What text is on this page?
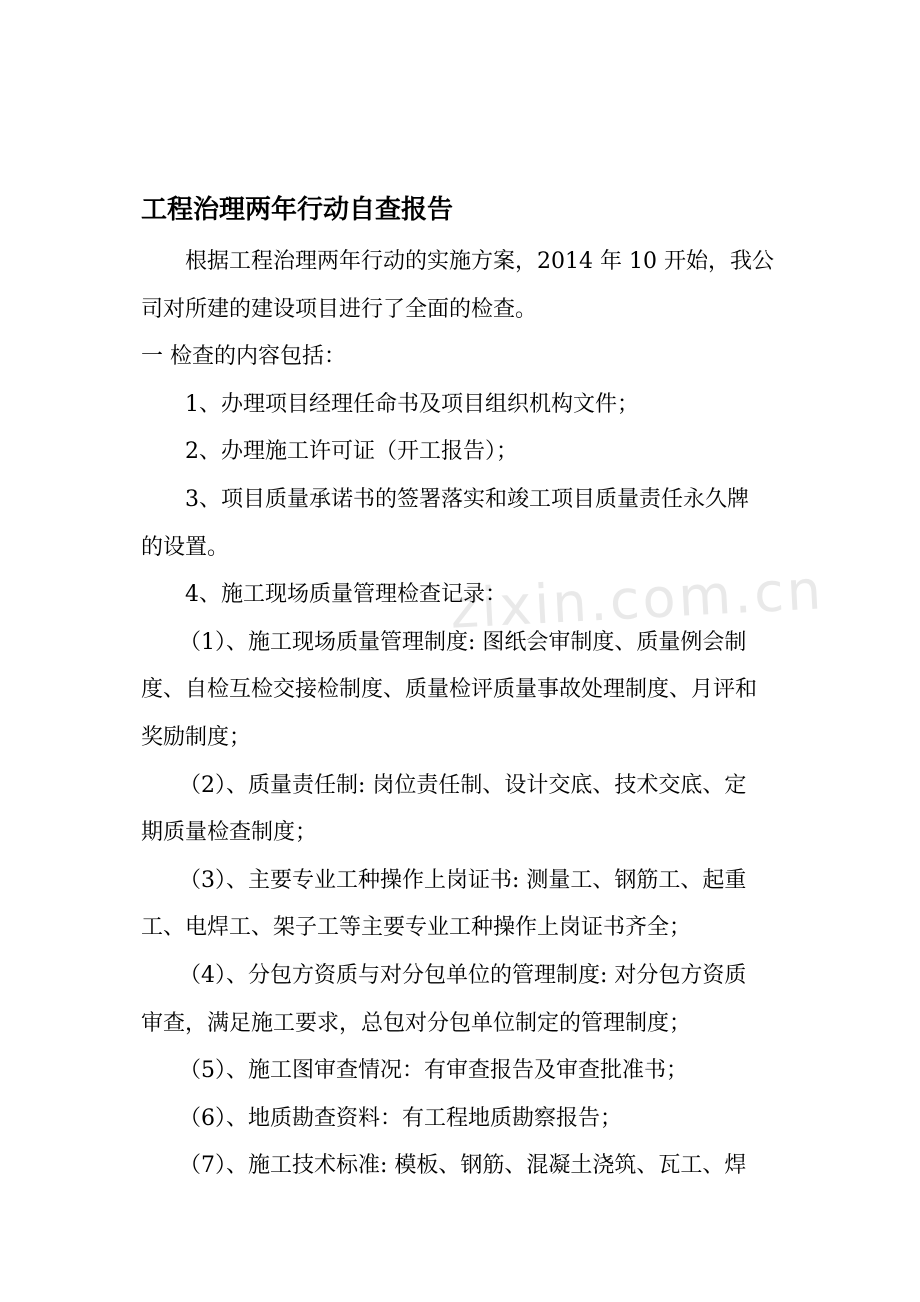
zixin.com.cn
工程治理两年行动自查报告

根据工程治理两年行动的实施方案，2014 年 10 开始，我公

司对所建的建设项目进行了全面的检查。

一 检查的内容包括：

1、办理项目经理任命书及项目组织机构文件；

2、办理施工许可证（开工报告）；

3、项目质量承诺书的签署落实和竣工项目质量责任永久牌

的设置。

4、施工现场质量管理检查记录：

（1）、施工现场质量管理制度: 图纸会审制度、质量例会制

度、自检互检交接检制度、质量检评质量事故处理制度、月评和

奖励制度；

（2）、质量责任制: 岗位责任制、设计交底、技术交底、定

期质量检查制度；

（3）、主要专业工种操作上岗证书: 测量工、钢筋工、起重

工、电焊工、架子工等主要专业工种操作上岗证书齐全；

（4）、分包方资质与对分包单位的管理制度: 对分包方资质

审查，满足施工要求，总包对分包单位制定的管理制度；

（5）、施工图审查情况：有审查报告及审查批准书；

（6）、地质勘查资料：有工程地质勘察报告；

（7）、施工技术标准: 模板、钢筋、混凝土浇筑、瓦工、焊
